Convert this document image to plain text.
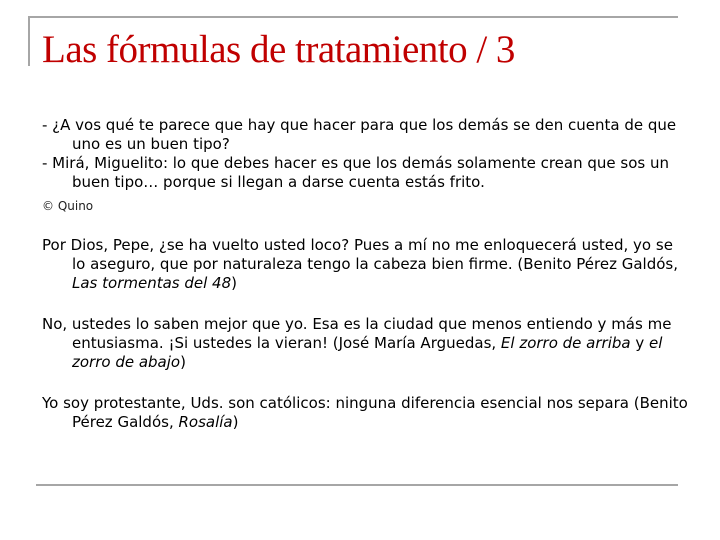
Las fórmulas de tratamiento / 3

- ¿A vos qué te parece que hay que hacer para que los demás se den cuenta de que uno es un buen tipo?

- Mirá, Miguelito: lo que debes hacer es que los demás solamente crean que sos un buen tipo… porque si llegan a darse cuenta estás frito.

© Quino

Por Dios, Pepe, ¿se ha vuelto usted loco? Pues a mí no me enloquecerá usted, yo se lo aseguro, que por naturaleza tengo la cabeza bien firme. (Benito Pérez Galdós, Las tormentas del 48)

No, ustedes lo saben mejor que yo. Esa es la ciudad que menos entiendo y más me entusiasma. ¡Si ustedes la vieran! (José María Arguedas, El zorro de arriba y el zorro de abajo)

Yo soy protestante, Uds. son católicos: ninguna diferencia esencial nos separa (Benito Pérez Galdós, Rosalía)
